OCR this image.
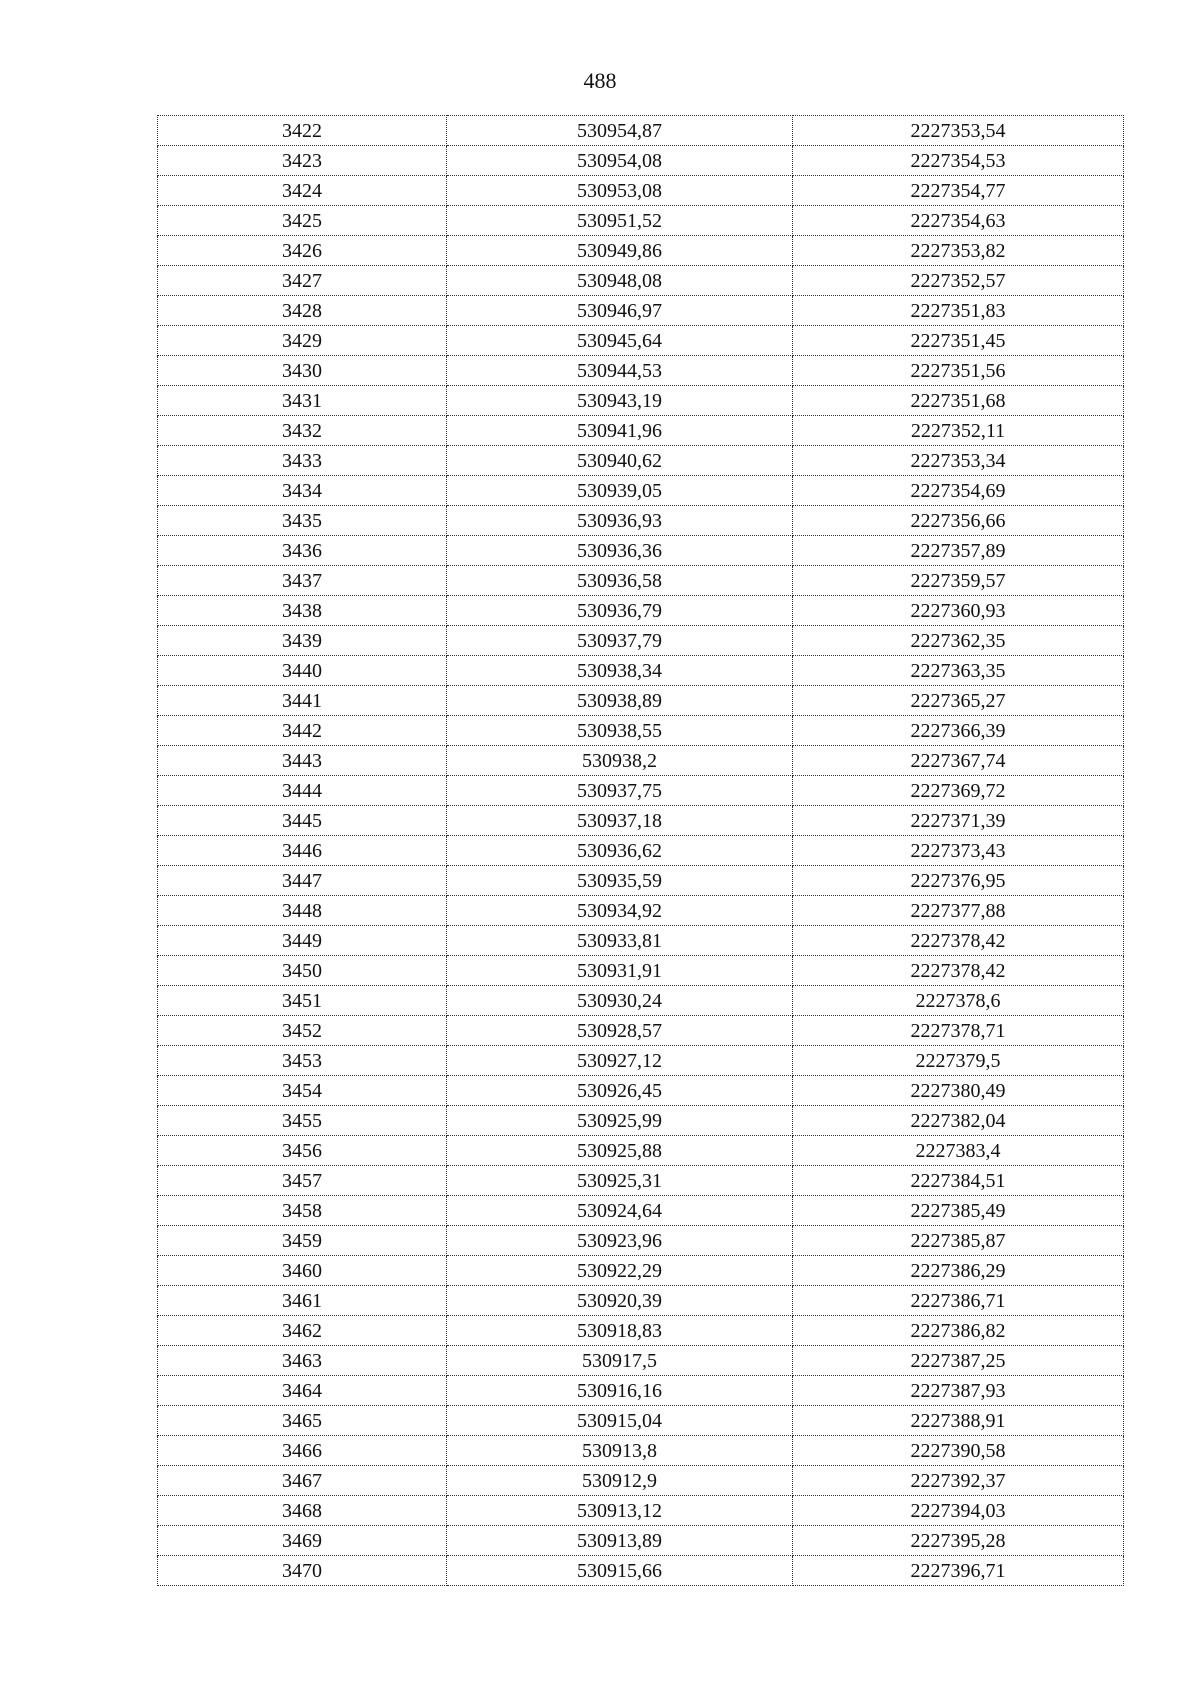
488
3422	530954,87	2227353,54
3423	530954,08	2227354,53
3424	530953,08	2227354,77
3425	530951,52	2227354,63
3426	530949,86	2227353,82
3427	530948,08	2227352,57
3428	530946,97	2227351,83
3429	530945,64	2227351,45
3430	530944,53	2227351,56
3431	530943,19	2227351,68
3432	530941,96	2227352,11
3433	530940,62	2227353,34
3434	530939,05	2227354,69
3435	530936,93	2227356,66
3436	530936,36	2227357,89
3437	530936,58	2227359,57
3438	530936,79	2227360,93
3439	530937,79	2227362,35
3440	530938,34	2227363,35
3441	530938,89	2227365,27
3442	530938,55	2227366,39
3443	530938,2	2227367,74
3444	530937,75	2227369,72
3445	530937,18	2227371,39
3446	530936,62	2227373,43
3447	530935,59	2227376,95
3448	530934,92	2227377,88
3449	530933,81	2227378,42
3450	530931,91	2227378,42
3451	530930,24	2227378,6
3452	530928,57	2227378,71
3453	530927,12	2227379,5
3454	530926,45	2227380,49
3455	530925,99	2227382,04
3456	530925,88	2227383,4
3457	530925,31	2227384,51
3458	530924,64	2227385,49
3459	530923,96	2227385,87
3460	530922,29	2227386,29
3461	530920,39	2227386,71
3462	530918,83	2227386,82
3463	530917,5	2227387,25
3464	530916,16	2227387,93
3465	530915,04	2227388,91
3466	530913,8	2227390,58
3467	530912,9	2227392,37
3468	530913,12	2227394,03
3469	530913,89	2227395,28
3470	530915,66	2227396,71
